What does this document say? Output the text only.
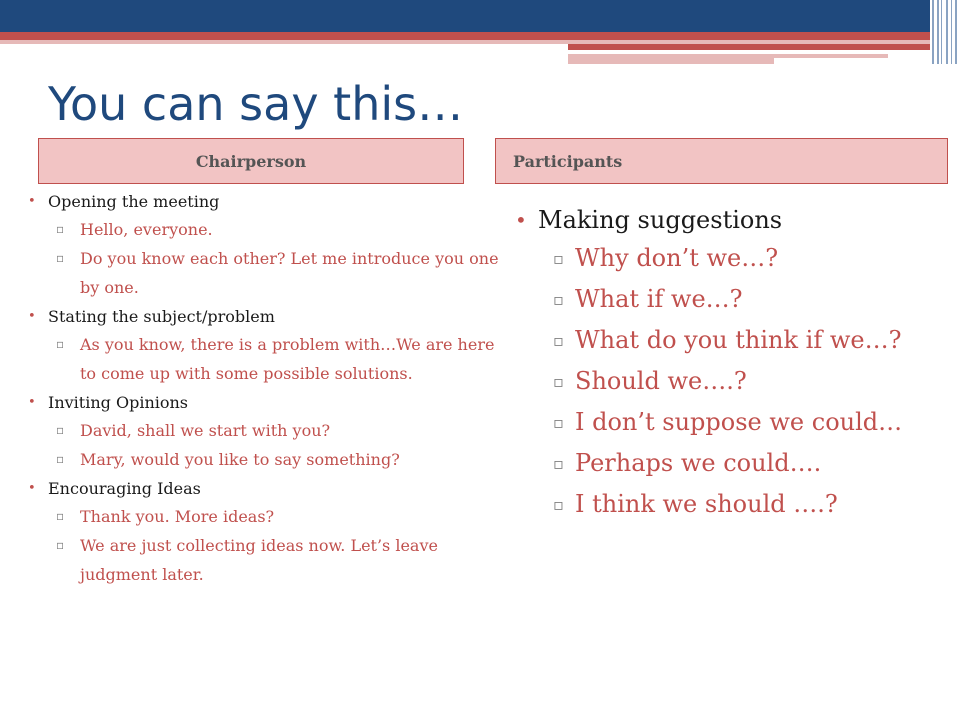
You can say this…
Chairperson	Participants
• Opening the meeting
▫ Hello, everyone.
▫ Do you know each other? Let me introduce you one by one.
• Stating the subject/problem
▫ As you know, there is a problem with…We are here to come up with some possible solutions.
• Inviting Opinions
▫ David, shall we start with you?
▫ Mary, would you like to say something?
• Encouraging Ideas
▫ Thank you. More ideas?
▫ We are just collecting ideas now. Let’s leave judgment later.
• Making suggestions
▫ Why don’t we…?
▫ What if we…?
▫ What do you think if we…?
▫ Should we….?
▫ I don’t suppose we could…
▫ Perhaps we could….
▫ I think we should ….?
